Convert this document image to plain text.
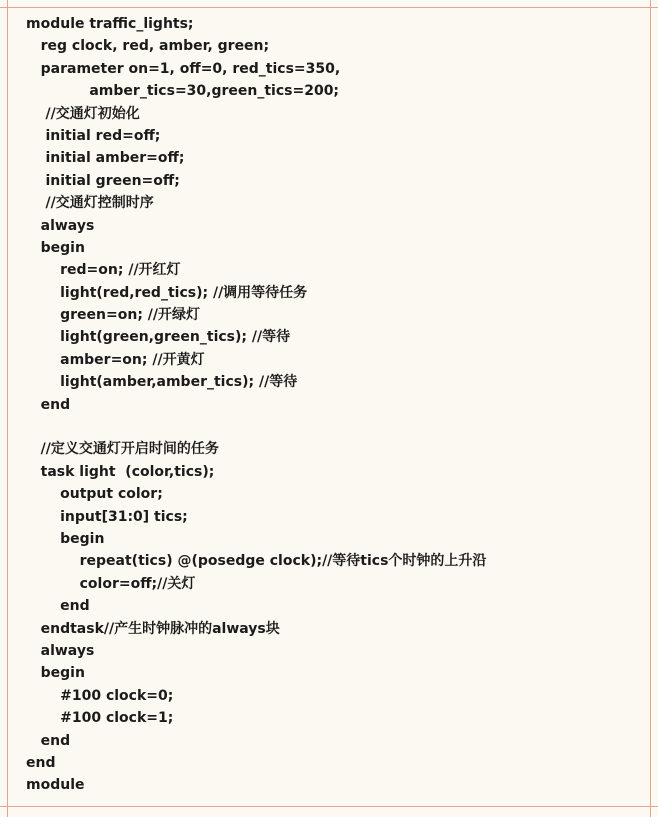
module traffic_lights;
reg clock, red, amber, green;
parameter on=1, off=0, red_tics=350,
amber_tics=30,green_tics=200;
//交通灯初始化
initial red=off;
initial amber=off;
initial green=off;
//交通灯控制时序
always
begin
red=on; //开红灯
light(red,red_tics); //调用等待任务
green=on; //开绿灯
light(green,green_tics); //等待
amber=on; //开黄灯
light(amber,amber_tics); //等待
end
//定义交通灯开启时间的任务
task light  (color,tics);
output color;
input[31:0] tics;
begin
repeat(tics) @(posedge clock);//等待tics个时钟的上升沿
color=off;//关灯
end
endtask//产生时钟脉冲的always块
always
begin
#100 clock=0;
#100 clock=1;
end
end
module
